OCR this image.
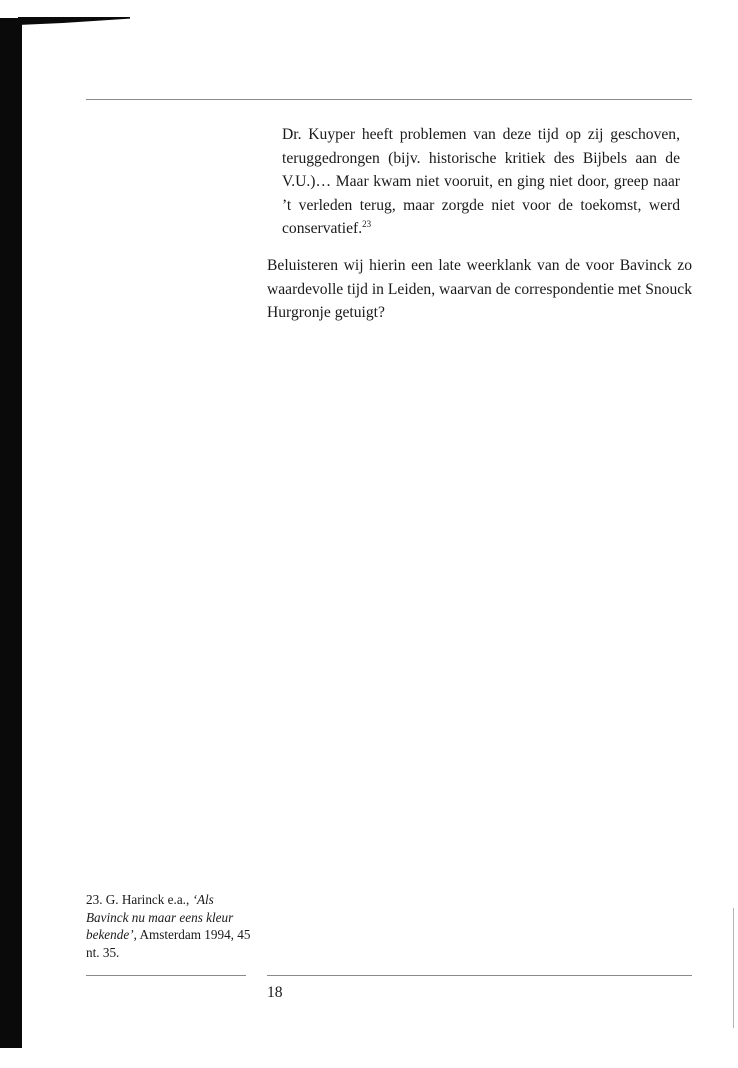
Dr. Kuyper heeft problemen van deze tijd op zij geschoven, teruggedrongen (bijv. historische kritiek des Bijbels aan de V.U.)… Maar kwam niet vooruit, en ging niet door, greep naar ’t verleden terug, maar zorgde niet voor de toekomst, werd conservatief.$^{23}$

Beluisteren wij hierin een late weerklank van de voor Bavinck zo waardevolle tijd in Leiden, waarvan de correspondentie met Snouck Hurgronje getuigt?

23. G. Harinck e.a., ‘Als Bavinck nu maar eens kleur bekende’, Amsterdam 1994, 45 nt. 35.

18
